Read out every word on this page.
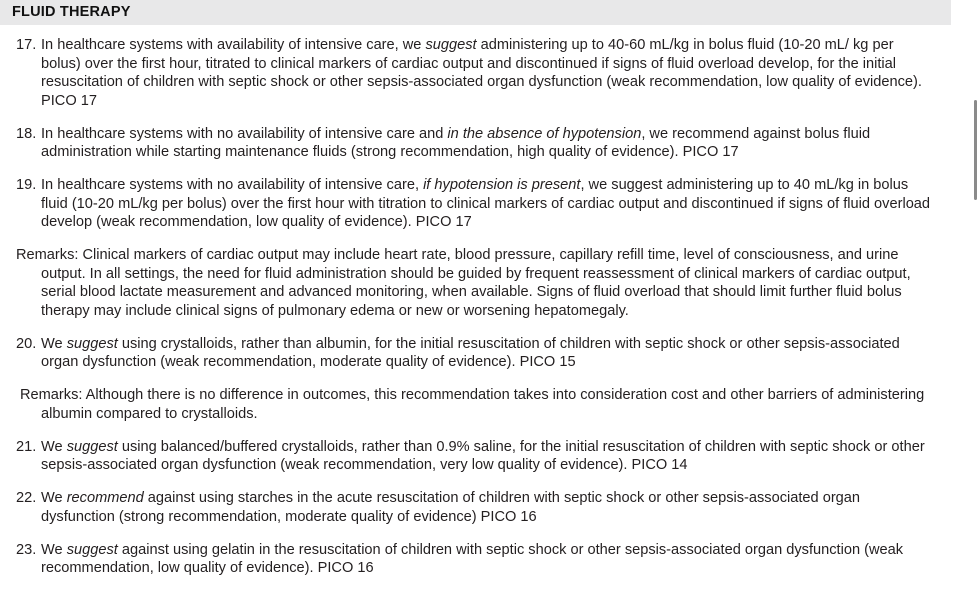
FLUID THERAPY
17. In healthcare systems with availability of intensive care, we suggest administering up to 40-60 mL/kg in bolus fluid (10-20 mL/ kg per bolus) over the first hour, titrated to clinical markers of cardiac output and discontinued if signs of fluid overload develop, for the initial resuscitation of children with septic shock or other sepsis-associated organ dysfunction (weak recommendation, low quality of evidence). PICO 17
18. In healthcare systems with no availability of intensive care and in the absence of hypotension, we recommend against bolus fluid administration while starting maintenance fluids (strong recommendation, high quality of evidence). PICO 17
19. In healthcare systems with no availability of intensive care, if hypotension is present, we suggest administering up to 40 mL/kg in bolus fluid (10-20 mL/kg per bolus) over the first hour with titration to clinical markers of cardiac output and discontinued if signs of fluid overload develop (weak recommendation, low quality of evidence). PICO 17
Remarks: Clinical markers of cardiac output may include heart rate, blood pressure, capillary refill time, level of consciousness, and urine output. In all settings, the need for fluid administration should be guided by frequent reassessment of clinical markers of cardiac output, serial blood lactate measurement and advanced monitoring, when available. Signs of fluid overload that should limit further fluid bolus therapy may include clinical signs of pulmonary edema or new or worsening hepatomegaly.
20. We suggest using crystalloids, rather than albumin, for the initial resuscitation of children with septic shock or other sepsis-associated organ dysfunction (weak recommendation, moderate quality of evidence). PICO 15
Remarks: Although there is no difference in outcomes, this recommendation takes into consideration cost and other barriers of administering albumin compared to crystalloids.
21. We suggest using balanced/buffered crystalloids, rather than 0.9% saline, for the initial resuscitation of children with septic shock or other sepsis-associated organ dysfunction (weak recommendation, very low quality of evidence). PICO 14
22. We recommend against using starches in the acute resuscitation of children with septic shock or other sepsis-associated organ dysfunction (strong recommendation, moderate quality of evidence) PICO 16
23. We suggest against using gelatin in the resuscitation of children with septic shock or other sepsis-associated organ dysfunction (weak recommendation, low quality of evidence). PICO 16
